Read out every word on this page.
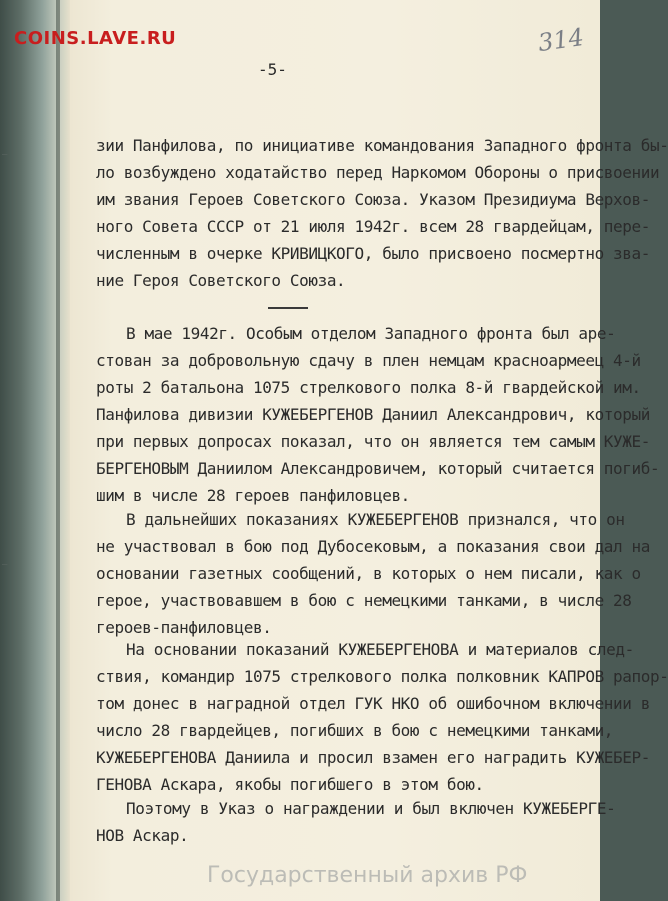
—
—
COINS.LAVE.RU	314
-5-
зии Панфилова, по инициативе командования Западного фронта бы-
ло возбуждено ходатайство перед Наркомом Обороны о присвоении
им звания Героев Советского Союза. Указом Президиума Верхов-
ного Совета СССР от 21 июля 1942г. всем 28 гвардейцам, пере-
численным в очерке КРИВИЦКОГО, было присвоено посмертно зва-
ние Героя Советского Союза.
В мае 1942г. Особым отделом Западного фронта был аре-
стован за добровольную сдачу в плен немцам красноармеец 4-й
роты 2 батальона 1075 стрелкового полка 8-й гвардейской им.
Панфилова дивизии КУЖЕБЕРГЕНОВ Даниил Александрович, который
при первых допросах показал, что он является тем самым КУЖЕ-
БЕРГЕНОВЫМ Даниилом Александровичем, который считается погиб-
шим в числе 28 героев панфиловцев.
В дальнейших показаниях КУЖЕБЕРГЕНОВ признался, что он
не участвовал в бою под Дубосековым, а показания свои дал на
основании газетных сообщений, в которых о нем писали, как о
герое, участвовавшем в бою с немецкими танками, в числе 28
героев-панфиловцев.
На основании показаний КУЖЕБЕРГЕНОВА и материалов след-
ствия, командир 1075 стрелкового полка полковник КАПРОВ рапор-
том донес в наградной отдел ГУК НКО об ошибочном включении в
число 28 гвардейцев, погибших в бою с немецкими танками,
КУЖЕБЕРГЕНОВА Даниила и просил взамен его наградить КУЖЕБЕР-
ГЕНОВА Аскара, якобы погибшего в этом бою.
Поэтому в Указ о награждении и был включен КУЖЕБЕРГЕ-
НОВ Аскар.
Государственный архив РФ
